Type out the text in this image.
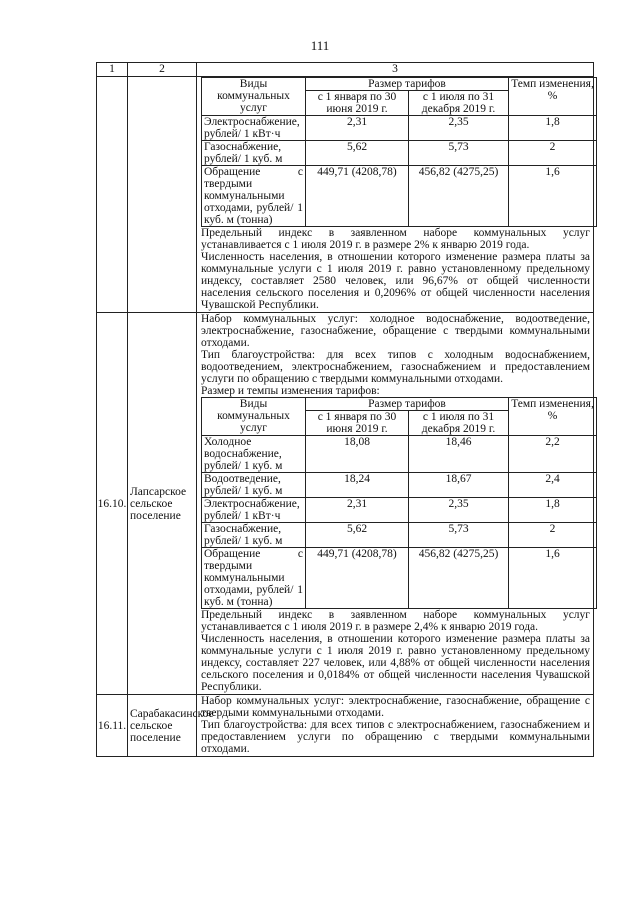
111
1	2	3

Виды коммунальных услуг	Размер тарифов	Темп изменения, %
с 1 января по 30 июня 2019 г.	с 1 июля по 31 декабря 2019 г.
Электроснабжение, рублей/ 1 кВт·ч	2,31	2,35	1,8
Газоснабжение, рублей/ 1 куб. м	5,62	5,73	2
Обращение с твердыми коммунальными отходами, рублей/ 1 куб. м (тонна)	449,71 (4208,78)	456,82 (4275,25)	1,6
Предельный индекс в заявленном наборе коммунальных услуг устанавливается с 1 июля 2019 г. в размере 2% к январю 2019 года.
Численность населения, в отношении которого изменение размера платы за коммунальные услуги с 1 июля 2019 г. равно установленному предельному индексу, составляет 2580 человек, или 96,67% от общей численности населения сельского поселения и 0,2096% от общей численности населения Чувашской Республики.

16.10.	Лапсарское сельское поселение	
Набор коммунальных услуг: холодное водоснабжение, водоотведение, электроснабжение, газоснабжение, обращение с твердыми коммунальными отходами.
Тип благоустройства: для всех типов с холодным водоснабжением, водоотведением, электроснабжением, газоснабжением и предоставлением услуги по обращению с твердыми коммунальными отходами.
Размер и темпы изменения тарифов:
Виды коммунальных услуг	Размер тарифов	Темп изменения, %
с 1 января по 30 июня 2019 г.	с 1 июля по 31 декабря 2019 г.
Холодное водоснабжение, рублей/ 1 куб. м	18,08	18,46	2,2
Водоотведение, рублей/ 1 куб. м	18,24	18,67	2,4
Электроснабжение, рублей/ 1 кВт·ч	2,31	2,35	1,8
Газоснабжение, рублей/ 1 куб. м	5,62	5,73	2
Обращение с твердыми коммунальными отходами, рублей/ 1 куб. м (тонна)	449,71 (4208,78)	456,82 (4275,25)	1,6
Предельный индекс в заявленном наборе коммунальных услуг устанавливается с 1 июля 2019 г. в размере 2,4% к январю 2019 года.
Численность населения, в отношении которого изменение размера платы за коммунальные услуги с 1 июля 2019 г. равно установленному предельному индексу, составляет 227 человек, или 4,88% от общей численности населения сельского поселения и 0,0184% от общей численности населения Чувашской Республики.

16.11.	Сарабакасинское сельское поселение	
Набор коммунальных услуг: электроснабжение, газоснабжение, обращение с твердыми коммунальными отходами.
Тип благоустройства: для всех типов с электроснабжением, газоснабжением и предоставлением услуги по обращению с твердыми коммунальными отходами.
